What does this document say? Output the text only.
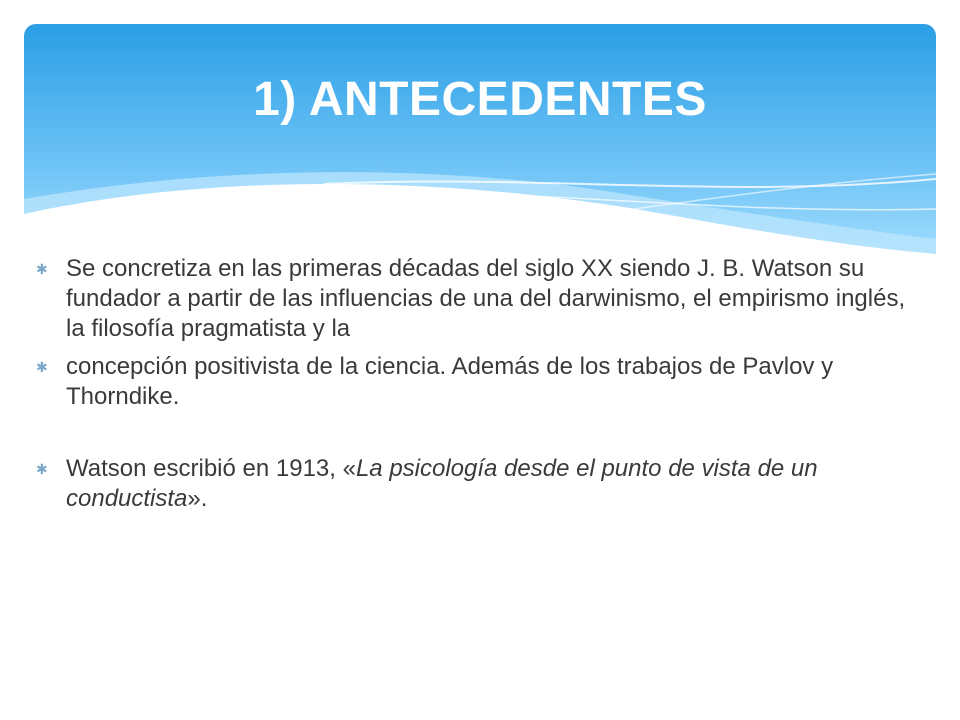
1) ANTECEDENTES

✱ Se concretiza en las primeras décadas del siglo XX siendo J. B. Watson su fundador a partir de las influencias de una del darwinismo, el empirismo inglés, la filosofía pragmatista y la

✱ concepción positivista de la ciencia. Además de los trabajos de Pavlov y Thorndike.

✱ Watson escribió en 1913, «La psicología desde el punto de vista de un conductista».
